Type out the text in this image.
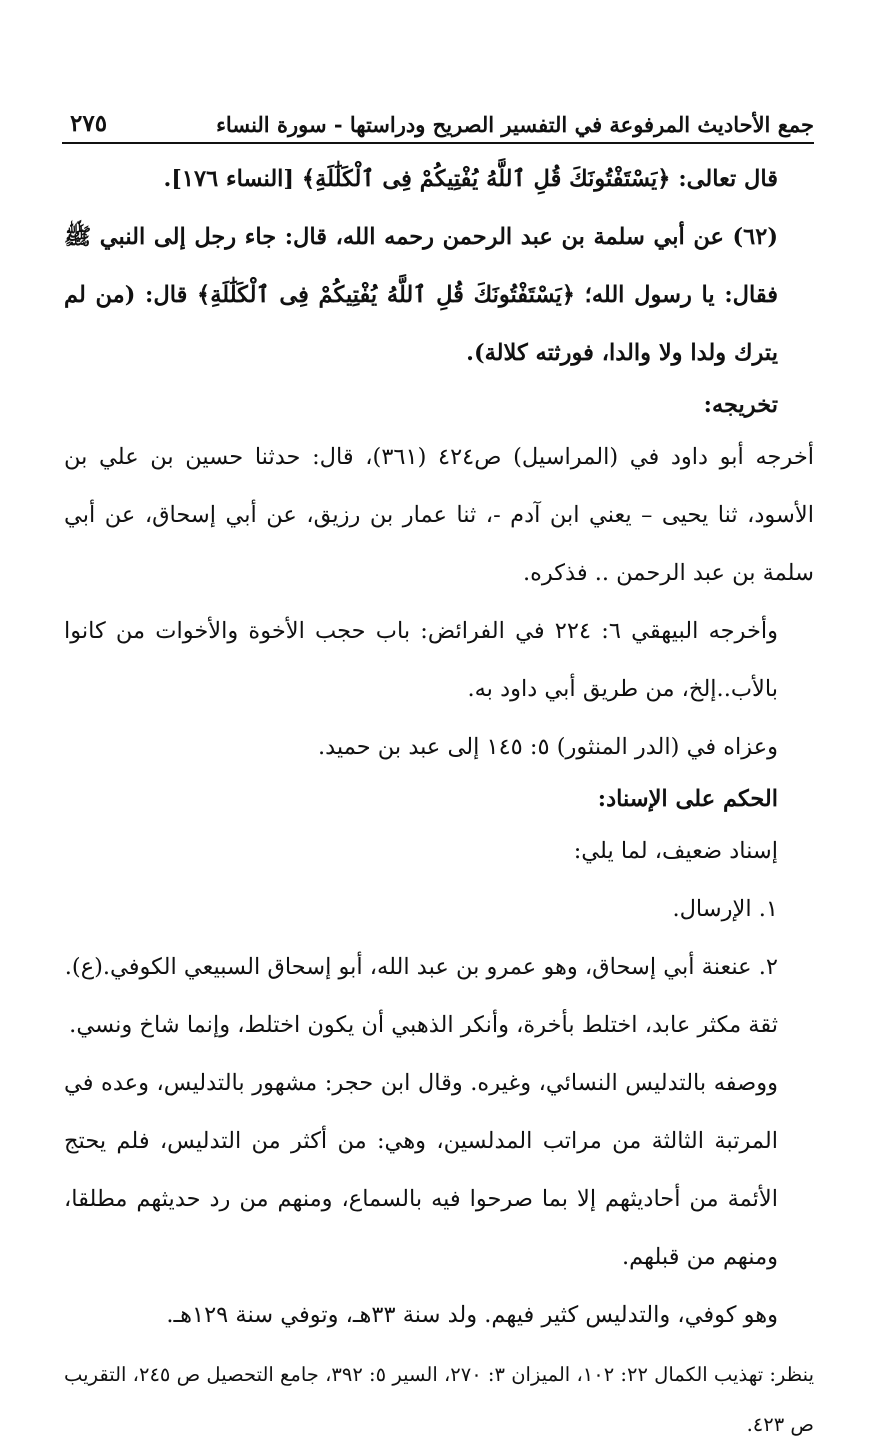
جمع الأحاديث المرفوعة في التفسير الصريح ودراستها - سورة النساء
٢٧٥
قال تعالى: ﴿يَسْتَفْتُونَكَ قُلِ ٱللَّهُ يُفْتِيكُمْ فِى ٱلْكَلَٰلَةِ﴾ [النساء ١٧٦].
(٦٢) عن أبي سلمة بن عبد الرحمن رحمه الله، قال: جاء رجل إلى النبي ﷺ فقال: يا رسول الله؛ ﴿يَسْتَفْتُونَكَ قُلِ ٱللَّهُ يُفْتِيكُمْ فِى ٱلْكَلَٰلَةِ﴾ قال: (من لم يترك ولدا ولا والدا، فورثته كلالة).
تخريجه:
أخرجه أبو داود في (المراسيل) ص٤٢٤ (٣٦١)، قال: حدثنا حسين بن علي بن الأسود، ثنا يحيى – يعني ابن آدم -، ثنا عمار بن رزيق، عن أبي إسحاق، عن أبي سلمة بن عبد الرحمن .. فذكره.
وأخرجه البيهقي ٦: ٢٢٤ في الفرائض: باب حجب الأخوة والأخوات من كانوا بالأب..إلخ، من طريق أبي داود به.
وعزاه في (الدر المنثور) ٥: ١٤٥ إلى عبد بن حميد.
الحكم على الإسناد:
إسناد ضعيف، لما يلي:
١. الإرسال.
٢. عنعنة أبي إسحاق، وهو عمرو بن عبد الله، أبو إسحاق السبيعي الكوفي.(ع).
ثقة مكثر عابد، اختلط بأخرة، وأنكر الذهبي أن يكون اختلط، وإنما شاخ ونسي.
ووصفه بالتدليس النسائي، وغيره. وقال ابن حجر: مشهور بالتدليس، وعده في المرتبة الثالثة من مراتب المدلسين، وهي: من أكثر من التدليس، فلم يحتج الأئمة من أحاديثهم إلا بما صرحوا فيه بالسماع، ومنهم من رد حديثهم مطلقا، ومنهم من قبلهم.
وهو كوفي، والتدليس كثير فيهم. ولد سنة ٣٣هـ، وتوفي سنة ١٢٩هـ.
ينظر: تهذيب الكمال ٢٢: ١٠٢، الميزان ٣: ٢٧٠، السير ٥: ٣٩٢، جامع التحصيل ص ٢٤٥، التقريب ص ٤٢٣.
